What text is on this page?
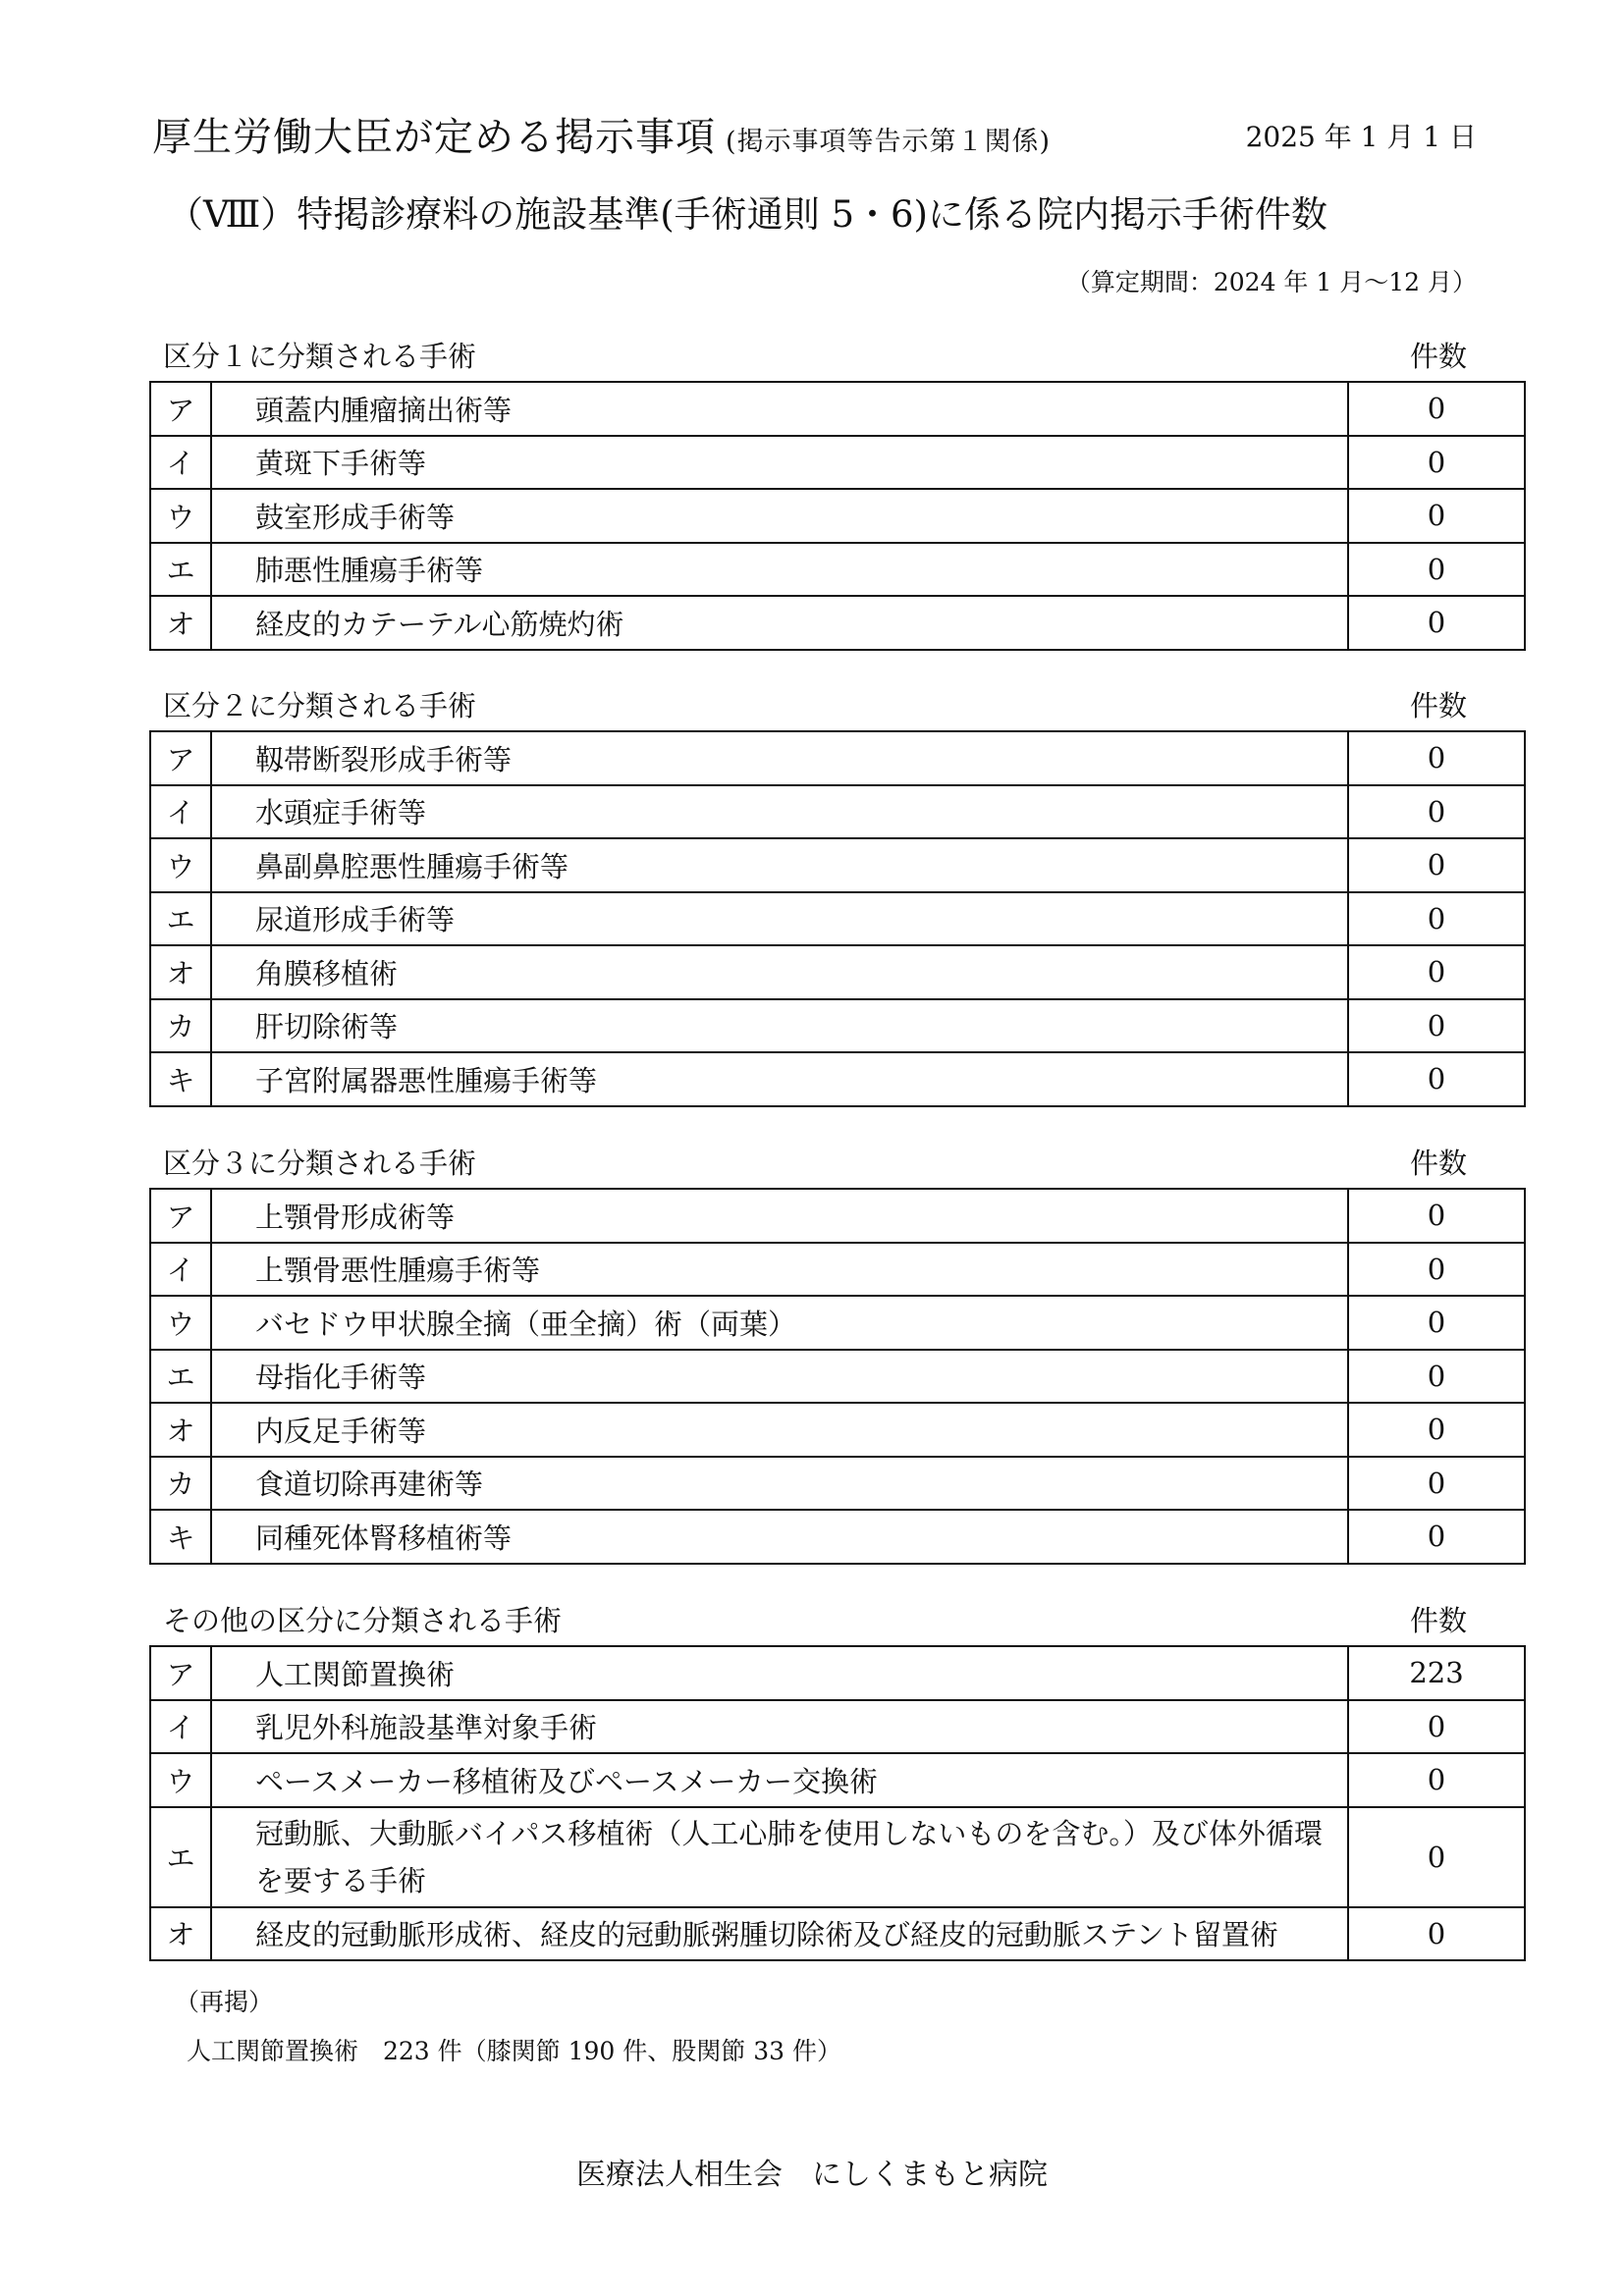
厚生労働大臣が定める掲示事項 (掲示事項等告示第１関係)	2025 年 1 月 1 日
（Ⅷ）特掲診療料の施設基準(手術通則 5・6)に係る院内掲示手術件数
（算定期間：2024 年 1 月～12 月）
区分１に分類される手術	件数
ア	頭蓋内腫瘤摘出術等	0
イ	黄斑下手術等	0
ウ	鼓室形成手術等	0
エ	肺悪性腫瘍手術等	0
オ	経皮的カテーテル心筋焼灼術	0
区分２に分類される手術	件数
ア	靱帯断裂形成手術等	0
イ	水頭症手術等	0
ウ	鼻副鼻腔悪性腫瘍手術等	0
エ	尿道形成手術等	0
オ	角膜移植術	0
カ	肝切除術等	0
キ	子宮附属器悪性腫瘍手術等	0
区分３に分類される手術	件数
ア	上顎骨形成術等	0
イ	上顎骨悪性腫瘍手術等	0
ウ	バセドウ甲状腺全摘（亜全摘）術（両葉）	0
エ	母指化手術等	0
オ	内反足手術等	0
カ	食道切除再建術等	0
キ	同種死体腎移植術等	0
その他の区分に分類される手術	件数
ア	人工関節置換術	223
イ	乳児外科施設基準対象手術	0
ウ	ペースメーカー移植術及びペースメーカー交換術	0
エ	冠動脈、大動脈バイパス移植術（人工心肺を使用しないものを含む。）及び体外循環を要する手術	0
オ	経皮的冠動脈形成術、経皮的冠動脈粥腫切除術及び経皮的冠動脈ステント留置術	0
（再掲）
人工関節置換術　223 件（膝関節 190 件、股関節 33 件）
医療法人相生会　にしくまもと病院
